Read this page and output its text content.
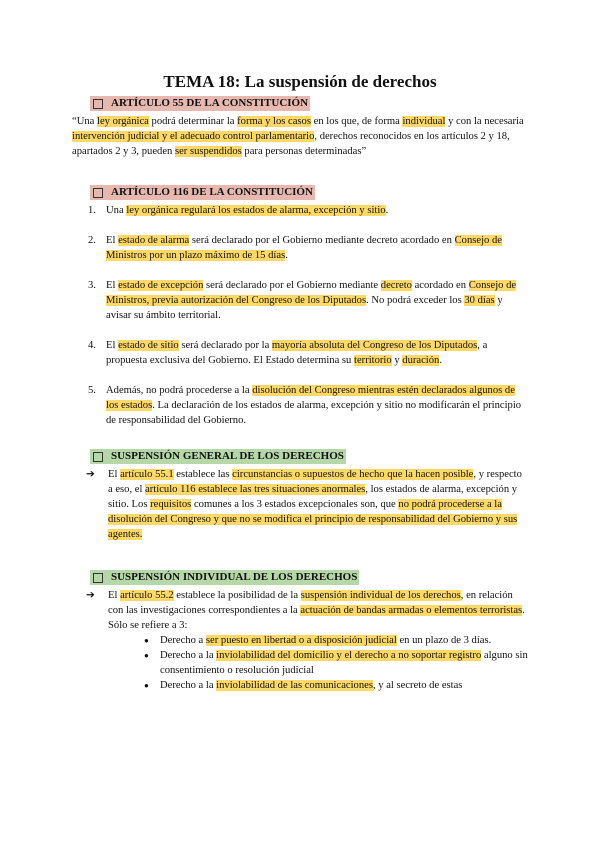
TEMA 18: La suspensión de derechos
ARTÍCULO 55 DE LA CONSTITUCIÓN
“Una ley orgánica podrá determinar la forma y los casos en los que, de forma individual y con la necesaria intervención judicial y el adecuado control parlamentario, derechos reconocidos en los artículos 2 y 18, apartados 2 y 3, pueden ser suspendidos para personas determinadas”
ARTÍCULO 116 DE LA CONSTITUCIÓN
1. Una ley orgánica regulará los estados de alarma, excepción y sitio.
2. El estado de alarma será declarado por el Gobierno mediante decreto acordado en Consejo de Ministros por un plazo máximo de 15 días.
3. El estado de excepción será declarado por el Gobierno mediante decreto acordado en Consejo de Ministros, previa autorización del Congreso de los Diputados. No podrá exceder los 30 días y avisar su ámbito territorial.
4. El estado de sitio será declarado por la mayoría absoluta del Congreso de los Diputados, a propuesta exclusiva del Gobierno. El Estado determina su territorio y duración.
5. Además, no podrá procederse a la disolución del Congreso mientras estén declarados algunos de los estados. La declaración de los estados de alarma, excepción y sitio no modificarán el principio de responsabilidad del Gobierno.
SUSPENSIÓN GENERAL DE LOS DERECHOS
➔	El artículo 55.1 establece las circunstancias o supuestos de hecho que la hacen posible, y respecto a eso, el artículo 116 establece las tres situaciones anormales, los estados de alarma, excepción y sitio. Los requisitos comunes a los 3 estados excepcionales son, que no podrá procederse a la disolución del Congreso y que no se modifica el principio de responsabilidad del Gobierno y sus agentes.
SUSPENSIÓN INDIVIDUAL DE LOS DERECHOS
➔	El artículo 55.2 establece la posibilidad de la suspensión individual de los derechos, en relación con las investigaciones correspondientes a la actuación de bandas armadas o elementos terroristas. Sólo se refiere a 3:
●	Derecho a ser puesto en libertad o a disposición judicial en un plazo de 3 días.
●	Derecho a la inviolabilidad del domicilio y el derecho a no soportar registro alguno sin consentimiento o resolución judicial
●	Derecho a la inviolabilidad de las comunicaciones, y al secreto de estas
